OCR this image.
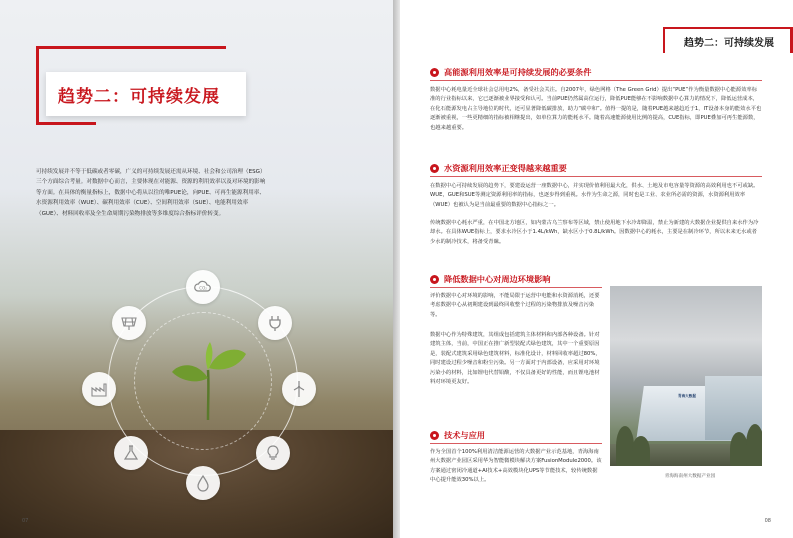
趋势二：可持续发展

可持续发展并不等于低碳或者零碳，广义的可持续发展还需从环境、社会和公司治理（ESG）三个方面综合考量。对数据中心而言，主要体现在对能源、资源的利用效率以及对环境的影响等方面。在具体的衡量指标上，数据中心将从以往的唯PUE论，向PUE、可再生能源利用率、水资源利用效率（WUE）、碳利用效率（CUE）、空间利用效率（SUE）、电能利用效率（GUE）、材料回收率及全生命周期污染物排放等多维度综合指标评价转变。

CO₂
07
趋势二：可持续发展
高能源利用效率是可持续发展的必要条件

数据中心耗电量近全球社会总用电2%，备受社会关注。自2007年，绿色网格（The Green Grid）提出“PUE”作为衡量数据中心能源效率标准的行业指标以来，它已逐渐被业界接受和认可。当前PUE仍然属高位运行，降低PUE能够在不影响数据中心算力的情况下，降低运营成本，在化石能源发电占主导地位的时代，还可显著降低碳排放，助力“碳中和”。值得一提的是，随着PUE越来越趋近于1，IT设备本身的能效水平也逐渐被重视，一些更精细的指标被相继提出，如单位算力的能耗水平。随着高速能源使用比例的提高，CUE指标，即PUE叠加可再生能源数，也越来越重要。

水资源利用效率正变得越来越重要

在数据中心可持续发展的趋势下，要建设运营一座数据中心，并实现价值利用最大化，供水、土地及市电容量等资源的高效利用也不可或缺。WUE，GUE和SUE等测定资源利用率的指标，也逐步得到重视。水作为生命之源，同时也是工业、农业所必需的资源，水资源利用效率（WUE）也被认为是当前最重要的数据中心指标之一。

传统数据中心耗水严重，在中国北方地区，如内蒙古乌兰察布等区域，禁止使用地下水冷却降温，禁止为新建的大数据企业提供自来水作为冷却水。在具体WUE指标上，要求水冷区小于1.4L/kWh，缺水区小于0.8L/kWh。因数据中心的耗水，主要是在制冷环节，所以未来无水或者少水的制冷技术，将备受青睐。

降低数据中心对周边环境影响

评价数据中心对环境的影响，不能局限于运营中电能和水资源消耗，还要考虑数据中心从初期建设到最终回收整个过程的污染物排放及噪音污染等。

数据中心作为特殊建筑，其组成包括建筑主体材料和内部各种设备。针对建筑主体，当前，中国正在推广新型装配式绿色建筑，其中一个重要原因是，装配式建筑采用绿色建筑材料，标准化设计，材料回收率超过80%，同时建设过程少噪音和粉尘污染。另一方面对于内部设备，应采用对环境污染小的材料，比如锂电代替铅酸，不仅具备更好的性能，而且锂电池材料对环境更友好。

技术与应用

作为全国首个100%利用清洁能源运营的大数据产业示范基地，青海海南州大数据产业园区采用华为智能微模块解决方案FusionModule2000。该方案通过密闭冷通道+AI技术+高效模块化UPS等节能技术，较传统数据中心提升能效30%以上。

青海大数据

青海海南州大数据产业园

08
